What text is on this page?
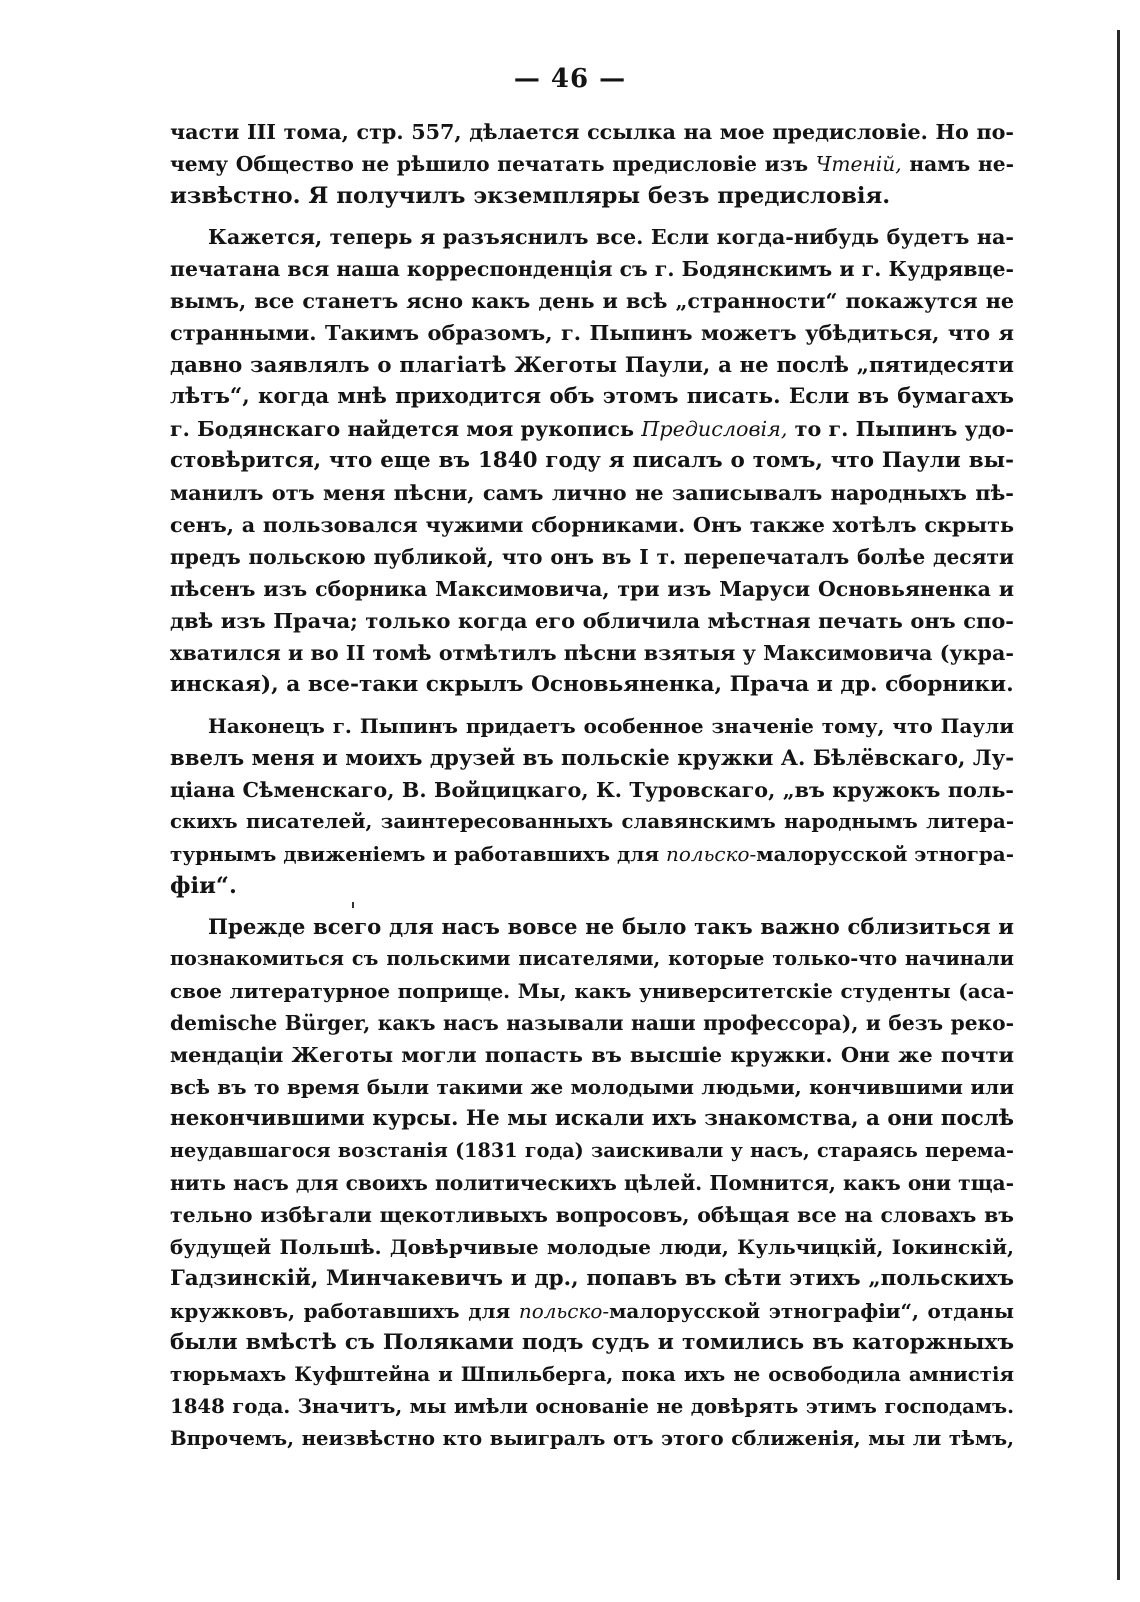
— 46 —
части III тома, стр. 557, дѣлается ссылка на мое предисловіе. Но по-
чему Общество не рѣшило печатать предисловіе изъ Чтеній, намъ не-
извѣстно. Я получилъ экземпляры безъ предисловія.
Кажется, теперь я разъяснилъ все. Если когда-нибудь будетъ на-
печатана вся наша корреспонденція съ г. Бодянскимъ и г. Кудрявце-
вымъ, все станетъ ясно какъ день и всѣ „странности“ покажутся не
странными. Такимъ образомъ, г. Пыпинъ можетъ убѣдиться, что я
давно заявлялъ о плагіатѣ Жеготы Паули, а не послѣ „пятидесяти
лѣтъ“, когда мнѣ приходится объ этомъ писать. Если въ бумагахъ
г. Бодянскаго найдется моя рукопись Предисловія, то г. Пыпинъ удо-
стовѣрится, что еще въ 1840 году я писалъ о томъ, что Паули вы-
манилъ отъ меня пѣсни, самъ лично не записывалъ народныхъ пѣ-
сенъ, а пользовался чужими сборниками. Онъ также хотѣлъ скрыть
предъ польскою публикой, что онъ въ I т. перепечаталъ болѣе десяти
пѣсенъ изъ сборника Максимовича, три изъ Маруси Основьяненка и
двѣ изъ Прача; только когда его обличила мѣстная печать онъ спо-
хватился и во II томѣ отмѣтилъ пѣсни взятыя у Максимовича (укра-
инская), а все-таки скрылъ Основьяненка, Прача и др. сборники.
Наконецъ г. Пыпинъ придаетъ особенное значеніе тому, что Паули
ввелъ меня и моихъ друзей въ польскіе кружки А. Бѣлёвскаго, Лу-
ціана Сѣменскаго, В. Войцицкаго, К. Туровскаго, „въ кружокъ поль-
скихъ писателей, заинтересованныхъ славянскимъ народнымъ литера-
турнымъ движеніемъ и работавшихъ для польско-малорусской этногра-
фіи“.
Прежде всего для насъ вовсе не было такъ важно сблизиться и
познакомиться съ польскими писателями, которые только-что начинали
свое литературное поприще. Мы, какъ университетскіе студенты (aca-
demische Bürger, какъ насъ называли наши профессора), и безъ реко-
мендаціи Жеготы могли попасть въ высшіе кружки. Они же почти
всѣ въ то время были такими же молодыми людьми, кончившими или
некончившими курсы. Не мы искали ихъ знакомства, а они послѣ
неудавшагося возстанія (1831 года) заискивали у насъ, стараясь перема-
нить насъ для своихъ политическихъ цѣлей. Помнится, какъ они тща-
тельно избѣгали щекотливыхъ вопросовъ, обѣщая все на словахъ въ
будущей Польшѣ. Довѣрчивые молодые люди, Кульчицкій, Іокинскій,
Гадзинскій, Минчакевичъ и др., попавъ въ сѣти этихъ „польскихъ
кружковъ, работавшихъ для польско-малорусской этнографіи“, отданы
были вмѣстѣ съ Поляками подъ судъ и томились въ каторжныхъ
тюрьмахъ Куфштейна и Шпильберга, пока ихъ не освободила амнистія
1848 года. Значитъ, мы имѣли основаніе не довѣрять этимъ господамъ.
Впрочемъ, неизвѣстно кто выигралъ отъ этого сближенія, мы ли тѣмъ,
